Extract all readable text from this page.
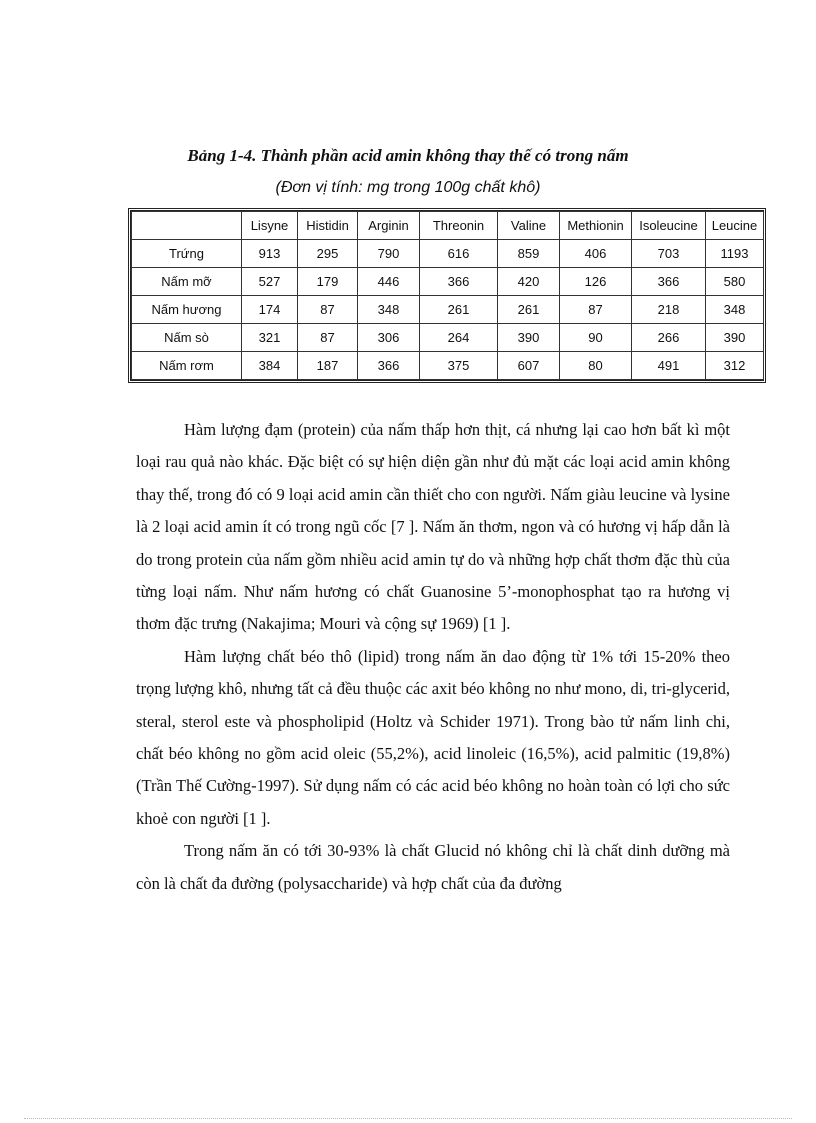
Bảng 1-4. Thành phần acid amin không thay thế có trong nấm
(Đơn vị tính: mg trong 100g chất khô)
	Lisyne	Histidin	Arginin	Threonin	Valine	Methionin	Isoleucine	Leucine
Trứng	913	295	790	616	859	406	703	1193
Nấm mỡ	527	179	446	366	420	126	366	580
Nấm hương	174	87	348	261	261	87	218	348
Nấm sò	321	87	306	264	390	90	266	390
Nấm rơm	384	187	366	375	607	80	491	312

Hàm lượng đạm (protein) của nấm thấp hơn thịt, cá nhưng lại cao hơn bất kì một loại rau quả nào khác. Đặc biệt có sự hiện diện gần như đủ mặt các loại acid amin không thay thế, trong đó có 9 loại acid amin cần thiết cho con người. Nấm giàu leucine và lysine là 2 loại acid amin ít có trong ngũ cốc [7 ]. Nấm ăn thơm, ngon và có hương vị hấp dẫn là do trong protein của nấm gồm nhiều acid amin tự do và những hợp chất thơm đặc thù của từng loại nấm. Như nấm hương có chất Guanosine 5’-monophosphat tạo ra hương vị thơm đặc trưng (Nakajima; Mouri và cộng sự 1969) [1 ].

Hàm lượng chất béo thô (lipid) trong nấm ăn dao động từ 1% tới 15-20% theo trọng lượng khô, nhưng tất cả đều thuộc các axit béo không no như mono, di, tri-glycerid, steral, sterol este và phospholipid (Holtz và Schider 1971). Trong bào tử nấm linh chi, chất béo không no gồm acid oleic (55,2%), acid linoleic (16,5%), acid palmitic (19,8%) (Trần Thế Cường-1997). Sử dụng nấm có các acid béo không no hoàn toàn có lợi cho sức khoẻ con người [1 ].

Trong nấm ăn có tới 30-93% là chất Glucid nó không chỉ là chất dinh dưỡng mà còn là chất đa đường (polysaccharide) và hợp chất của đa đường
